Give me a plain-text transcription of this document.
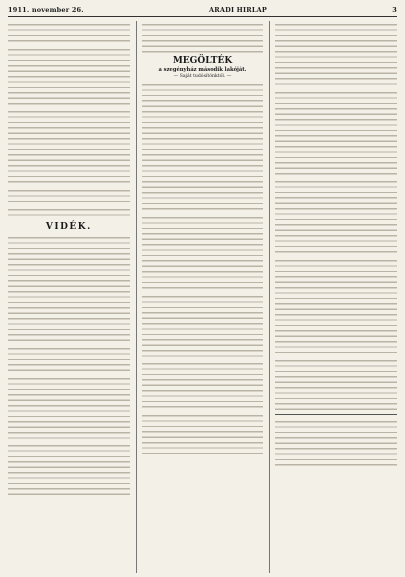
1911. november 26.	ARADI HIRLAP	3

VIDÉK.

MEGÖLTÉK
a szegényház második lakóját.
— Saját tudósítónktól. —
